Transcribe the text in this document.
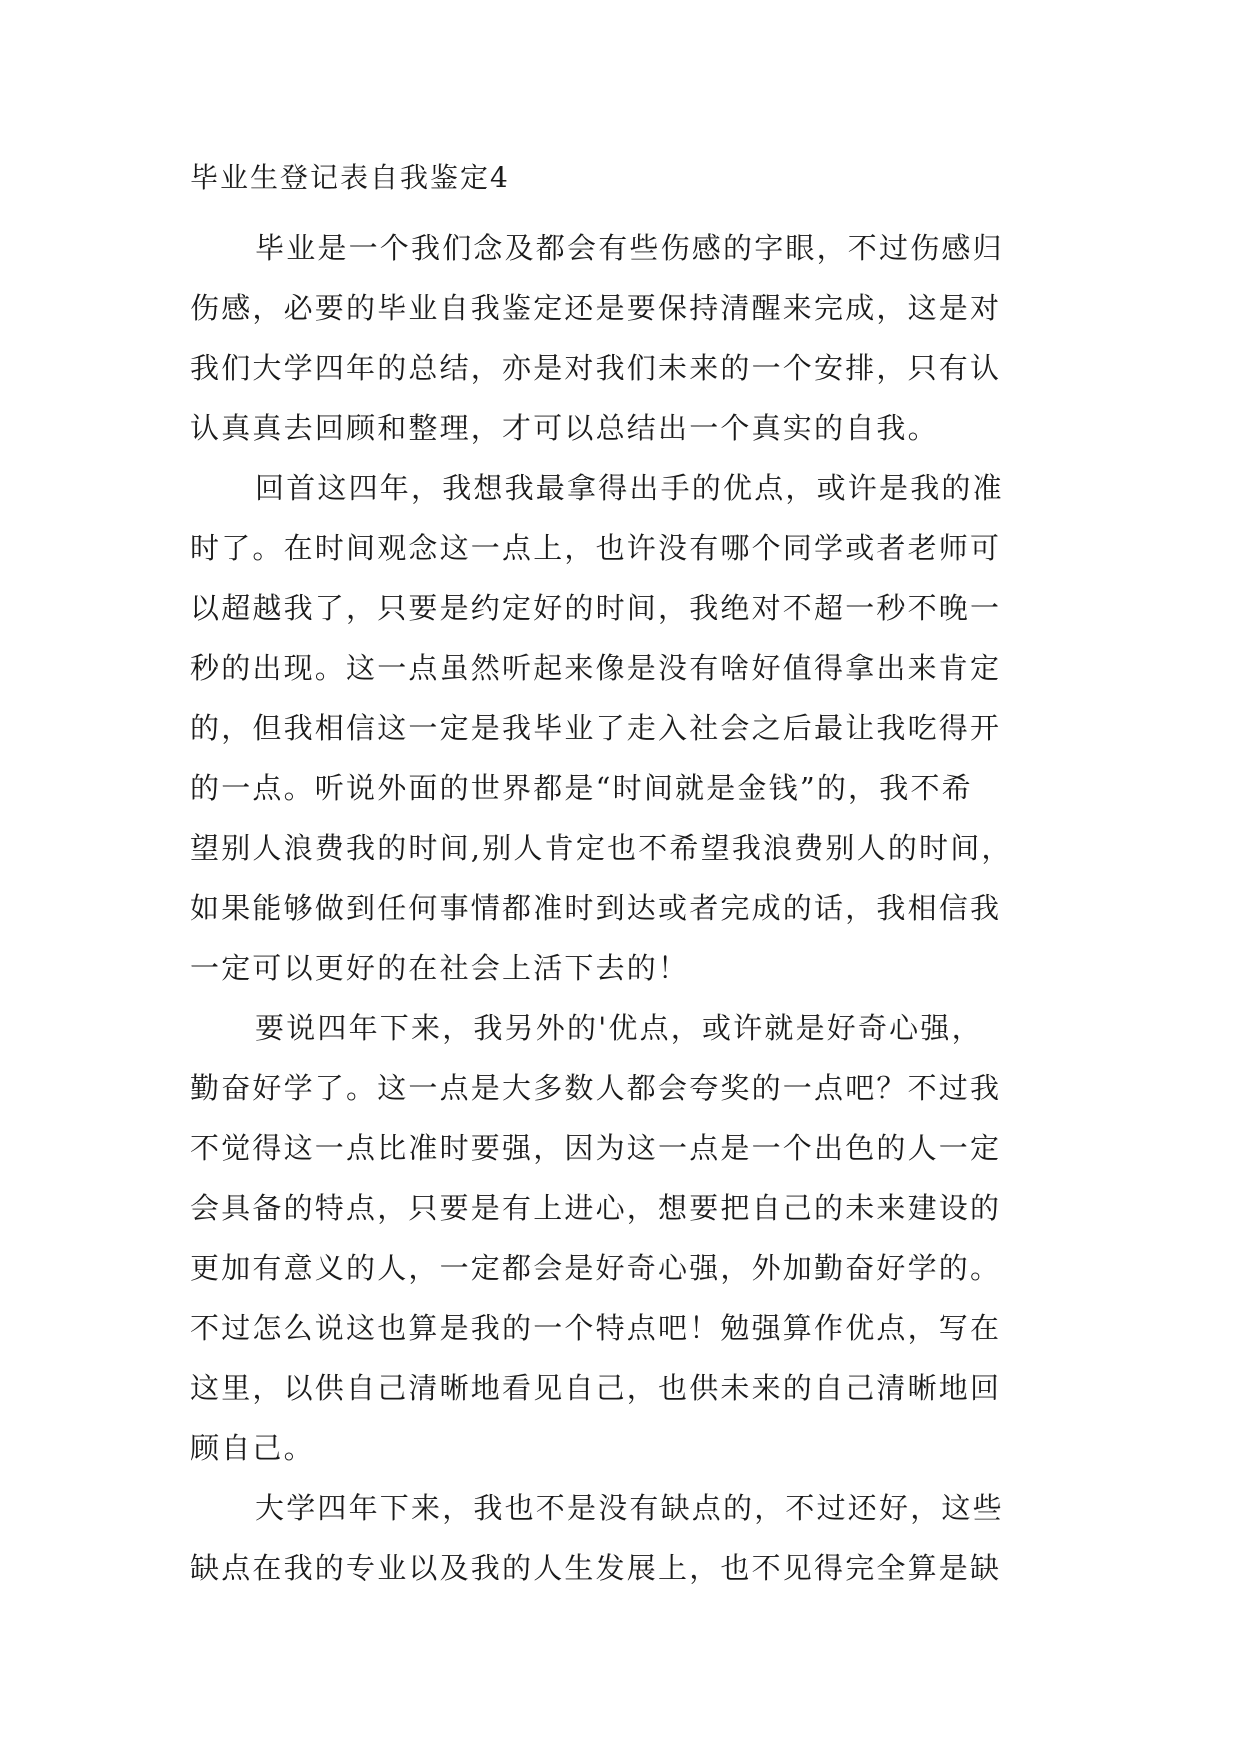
毕业生登记表自我鉴定4
毕业是一个我们念及都会有些伤感的字眼，不过伤感归
伤感，必要的毕业自我鉴定还是要保持清醒来完成，这是对
我们大学四年的总结，亦是对我们未来的一个安排，只有认
认真真去回顾和整理，才可以总结出一个真实的自我。
回首这四年，我想我最拿得出手的优点，或许是我的准
时了。在时间观念这一点上，也许没有哪个同学或者老师可
以超越我了，只要是约定好的时间，我绝对不超一秒不晚一
秒的出现。这一点虽然听起来像是没有啥好值得拿出来肯定
的，但我相信这一定是我毕业了走入社会之后最让我吃得开
的一点。听说外面的世界都是“时间就是金钱”的，我不希
望别人浪费我的时间,别人肯定也不希望我浪费别人的时间，
如果能够做到任何事情都准时到达或者完成的话，我相信我
一定可以更好的在社会上活下去的！
要说四年下来，我另外的'优点，或许就是好奇心强，
勤奋好学了。这一点是大多数人都会夸奖的一点吧？不过我
不觉得这一点比准时要强，因为这一点是一个出色的人一定
会具备的特点，只要是有上进心，想要把自己的未来建设的
更加有意义的人，一定都会是好奇心强，外加勤奋好学的。
不过怎么说这也算是我的一个特点吧！勉强算作优点，写在
这里，以供自己清晰地看见自己，也供未来的自己清晰地回
顾自己。
大学四年下来，我也不是没有缺点的，不过还好，这些
缺点在我的专业以及我的人生发展上，也不见得完全算是缺
